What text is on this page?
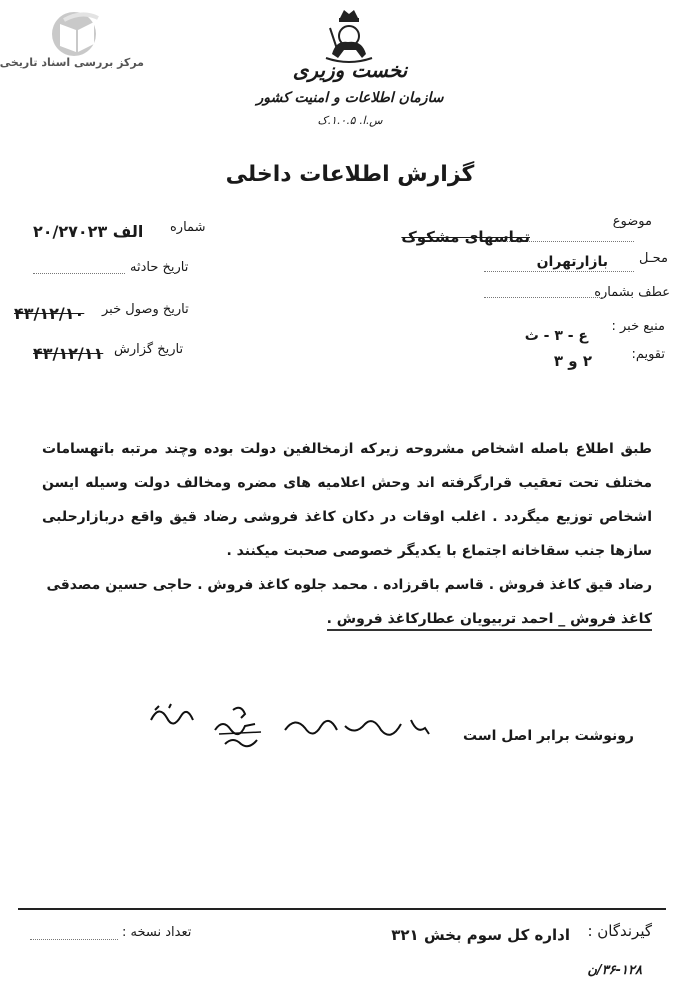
مرکز بررسی اسناد تاریخی	نخست وزیری
سازمان اطلاعات و امنیت کشور
س.ا. ۱.۰.۵.ک
گزارش اطلاعات داخلی
موضوع
تماسهای مشکوک
محـل
بازارتهران
عطف بشماره
منبع خبر :
ع - ۳ - ث
تقویم:
۲ و ۳
شماره
۲۰/۲۷۰۲۳ الف
تاریخ حادثه
تاریخ وصول خبر
۴۳/۱۲/۱۰
تاریخ گزارش
۴۳/۱۲/۱۱

طبق اطلاع باصله اشخاص مشروحه زیرکه ازمخالفین دولت بوده وچند مرتبه باتهسامات مختلف تحت تعقیب قرارگرفته اند وحش اعلامیه های مضره ومخالف دولت وسیله ایسن اشخاص توزیع میگردد . اغلب اوقات در دکان کاغذ فروشی رضاد قیق واقع دربازارحلبی سازها جنب سقاخانه اجتماع با یکدیگر خصوصی صحبت میکنند .

رضاد قیق کاغذ فروش . قاسم باقرزاده . محمد جلوه کاغذ فروش . حاجی حسین مصدقی

کاغذ فروش _ احمد تربیویان عطارکاغذ فروش .

رونوشت برابر اصل است
تعداد نسخه :	گیرندگان :
اداره کل سوم بخش ۳۲۱
۳۶-۱۲۸/ن
